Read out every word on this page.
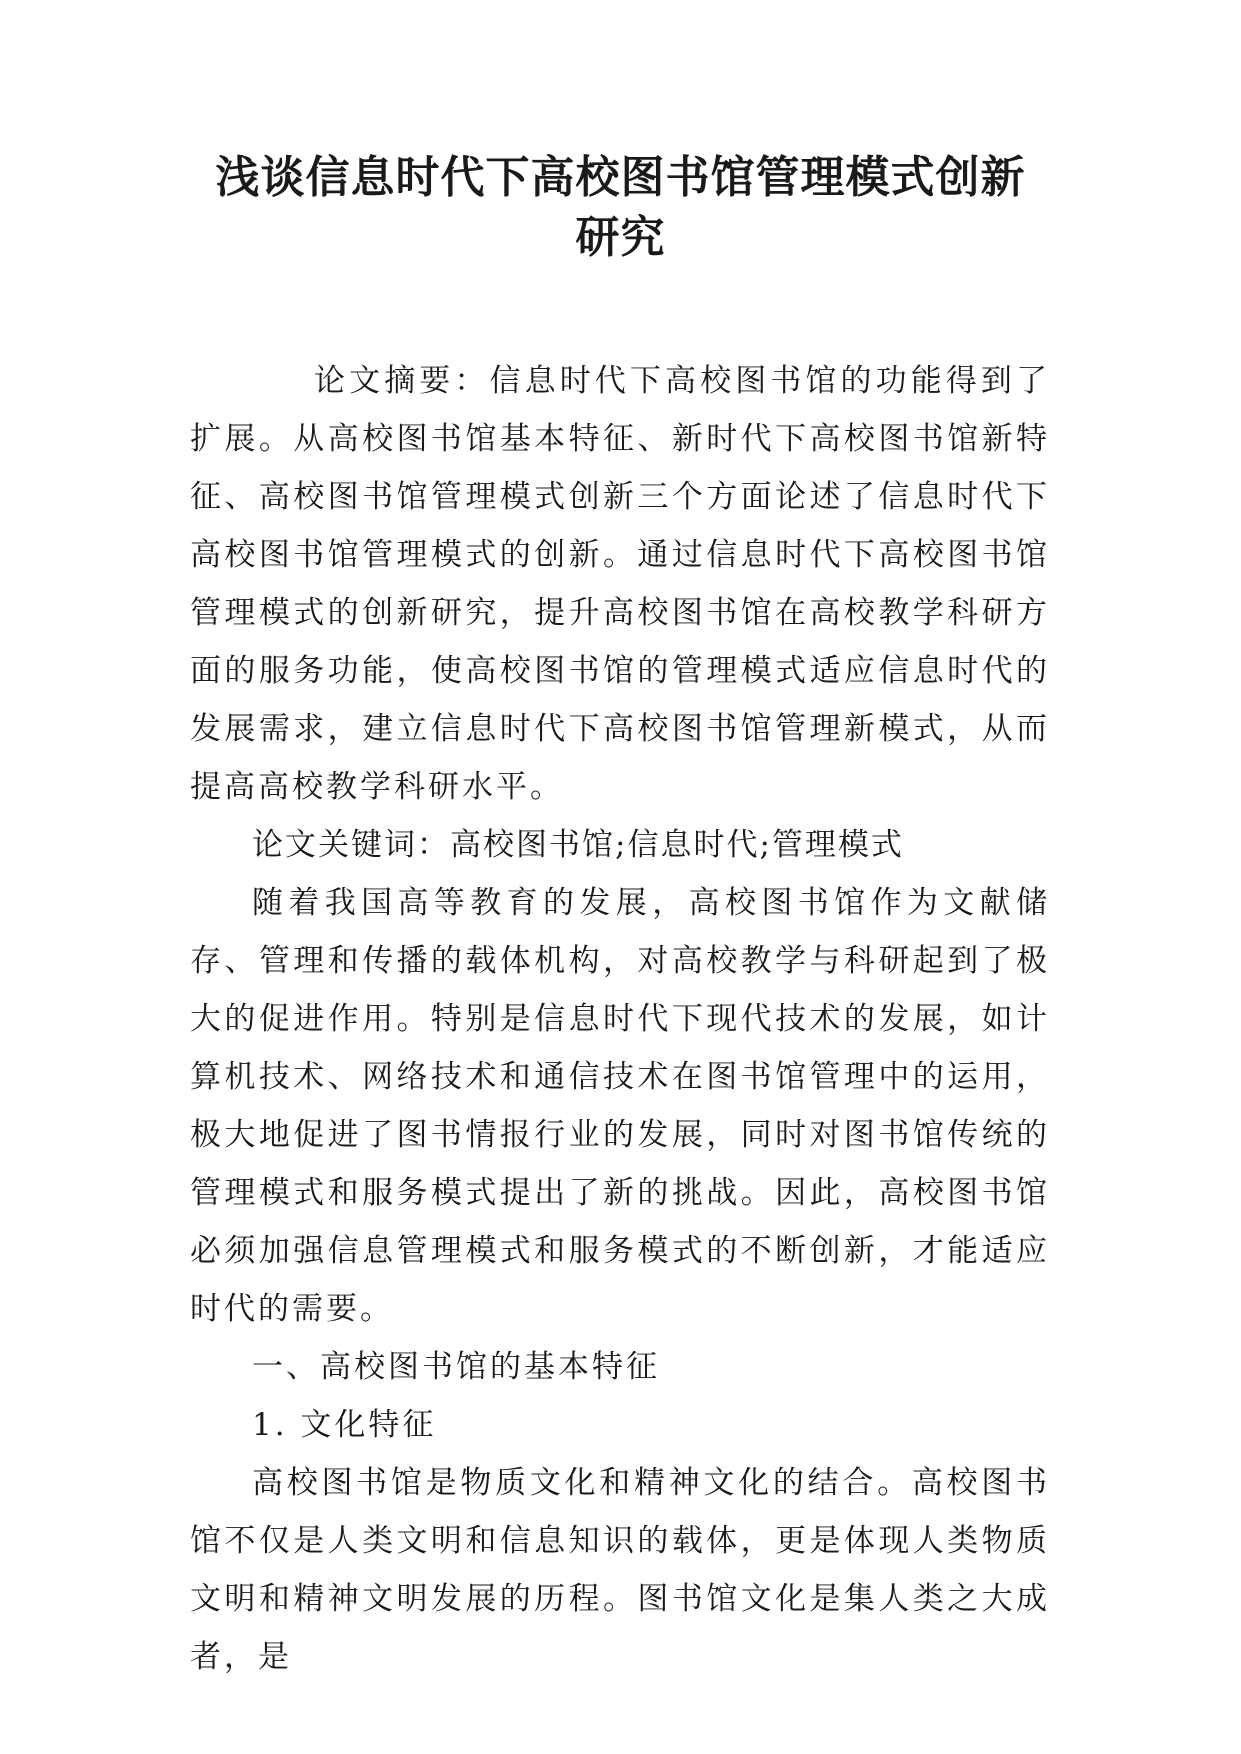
浅谈信息时代下高校图书馆管理模式创新
研究

论文摘要：信息时代下高校图书馆的功能得到了扩展。从高校图书馆基本特征、新时代下高校图书馆新特征、高校图书馆管理模式创新三个方面论述了信息时代下高校图书馆管理模式的创新。通过信息时代下高校图书馆管理模式的创新研究，提升高校图书馆在高校教学科研方面的服务功能，使高校图书馆的管理模式适应信息时代的发展需求，建立信息时代下高校图书馆管理新模式，从而提高高校教学科研水平。

论文关键词：高校图书馆;信息时代;管理模式

随着我国高等教育的发展，高校图书馆作为文献储存、管理和传播的载体机构，对高校教学与科研起到了极大的促进作用。特别是信息时代下现代技术的发展，如计算机技术、网络技术和通信技术在图书馆管理中的运用，极大地促进了图书情报行业的发展，同时对图书馆传统的管理模式和服务模式提出了新的挑战。因此，高校图书馆必须加强信息管理模式和服务模式的不断创新，才能适应时代的需要。

一、高校图书馆的基本特征

1. 文化特征

高校图书馆是物质文化和精神文化的结合。高校图书馆不仅是人类文明和信息知识的载体，更是体现人类物质文明和精神文明发展的历程。图书馆文化是集人类之大成者，是
